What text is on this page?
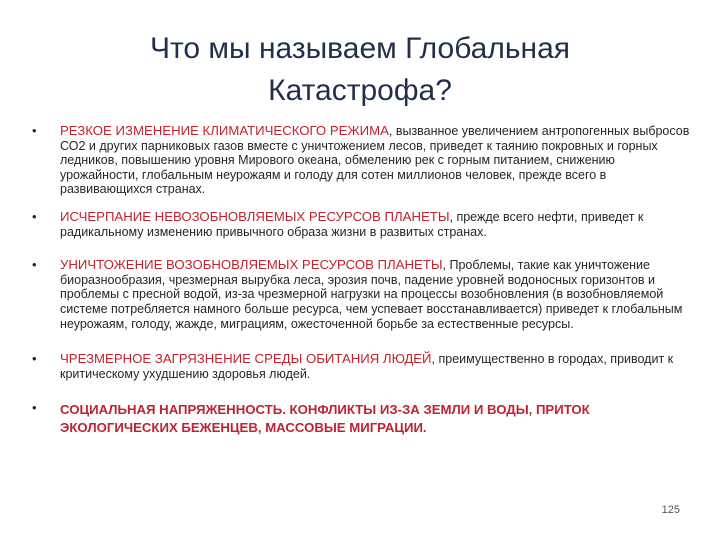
Что мы называем Глобальная
Катастрофа?
• РЕЗКОЕ ИЗМЕНЕНИЕ КЛИМАТИЧЕСКОГО РЕЖИМА, вызванное увеличением антропогенных выбросов СО2 и других парниковых газов вместе с уничтожением лесов, приведет к таянию покровных и горных ледников, повышению уровня Мирового океана, обмелению рек с горным питанием, снижению урожайности, глобальным неурожаям и голоду для сотен миллионов человек, прежде всего в развивающихся странах.
• ИСЧЕРПАНИЕ НЕВОЗОБНОВЛЯЕМЫХ РЕСУРСОВ ПЛАНЕТЫ, прежде всего нефти, приведет к радикальному изменению привычного образа жизни в развитых странах.
• УНИЧТОЖЕНИЕ ВОЗОБНОВЛЯЕМЫХ РЕСУРСОВ ПЛАНЕТЫ, Проблемы, такие как уничтожение биоразнообразия, чрезмерная вырубка леса, эрозия почв, падение уровней водоносных горизонтов и проблемы с пресной водой, из-за чрезмерной нагрузки на процессы возобновления (в возобновляемой системе потребляется намного больше ресурса, чем успевает восстанавливается) приведет к глобальным неурожаям, голоду, жажде, миграциям, ожесточенной борьбе за естественные ресурсы.
• ЧРЕЗМЕРНОЕ ЗАГРЯЗНЕНИЕ СРЕДЫ ОБИТАНИЯ ЛЮДЕЙ, преимущественно в городах, приводит к критическому ухудшению здоровья людей.
• СОЦИАЛЬНАЯ НАПРЯЖЕННОСТЬ. КОНФЛИКТЫ ИЗ-ЗА ЗЕМЛИ И ВОДЫ, ПРИТОК ЭКОЛОГИЧЕСКИХ БЕЖЕНЦЕВ, МАССОВЫЕ МИГРАЦИИ.
125
